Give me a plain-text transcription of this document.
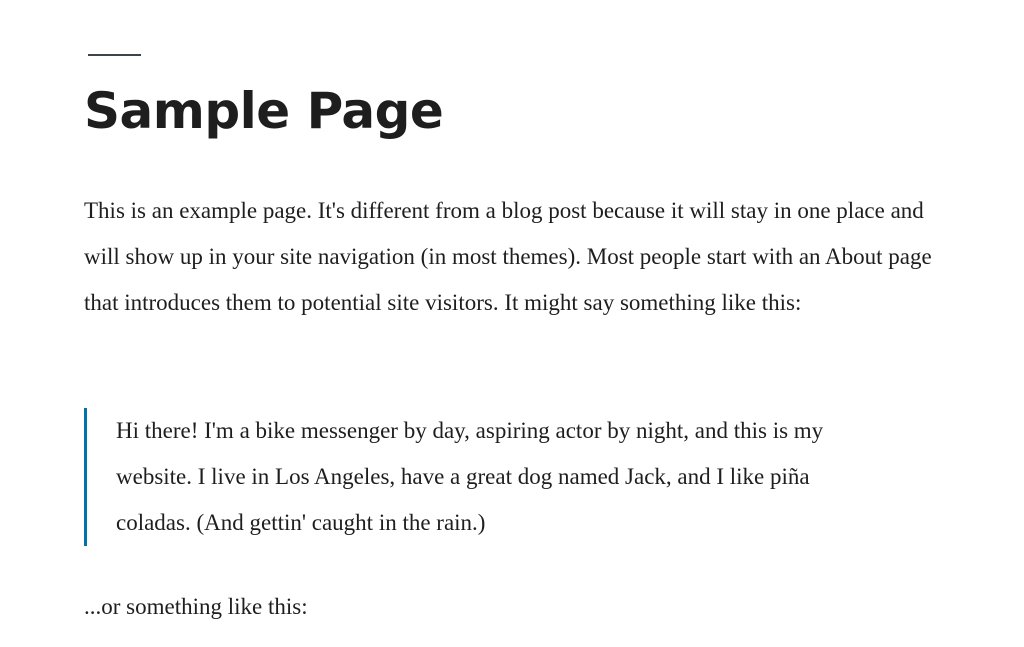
Sample Page

This is an example page. It's different from a blog post because it will stay in one place and will show up in your site navigation (in most themes). Most people start with an About page that introduces them to potential site visitors. It might say something like this:

Hi there! I'm a bike messenger by day, aspiring actor by night, and this is my website. I live in Los Angeles, have a great dog named Jack, and I like piña coladas. (And gettin' caught in the rain.)

...or something like this:
